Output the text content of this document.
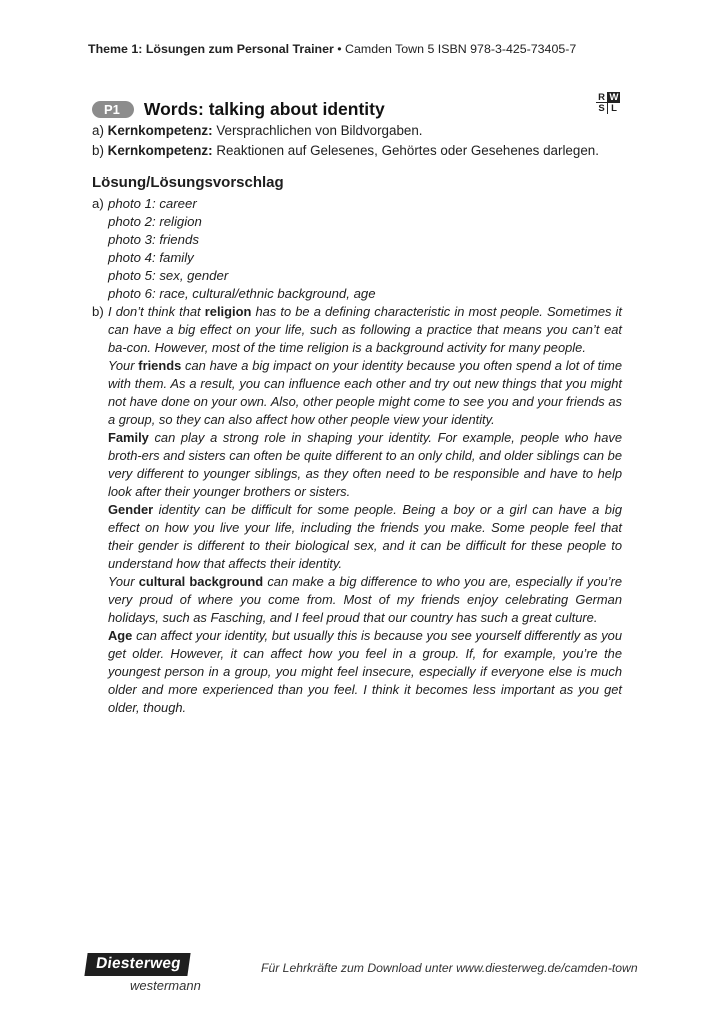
Theme 1: Lösungen zum Personal Trainer • Camden Town 5 ISBN 978-3-425-73405-7
R W
S L
P1	Words: talking about identity
a) Kernkompetenz: Versprachlichen von Bildvorgaben.
b) Kernkompetenz: Reaktionen auf Gelesenes, Gehörtes oder Gesehenes darlegen.
Lösung/Lösungsvorschlag
a) photo 1: career
photo 2: religion
photo 3: friends
photo 4: family
photo 5: sex, gender
photo 6: race, cultural/ethnic background, age
b) I don’t think that religion has to be a defining characteristic in most people. Sometimes it can have a big effect on your life, such as following a practice that means you can’t eat ba-con. However, most of the time religion is a background activity for many people.

Your friends can have a big impact on your identity because you often spend a lot of time with them. As a result, you can influence each other and try out new things that you might not have done on your own. Also, other people might come to see you and your friends as a group, so they can also affect how other people view your identity.

Family can play a strong role in shaping your identity. For example, people who have broth-ers and sisters can often be quite different to an only child, and older siblings can be very different to younger siblings, as they often need to be responsible and have to help look after their younger brothers or sisters.

Gender identity can be difficult for some people. Being a boy or a girl can have a big effect on how you live your life, including the friends you make. Some people feel that their gender is different to their biological sex, and it can be difficult for these people to understand how that affects their identity.

Your cultural background can make a big difference to who you are, especially if you’re very proud of where you come from. Most of my friends enjoy celebrating German holidays, such as Fasching, and I feel proud that our country has such a great culture.

Age can affect your identity, but usually this is because you see yourself differently as you get older. However, it can affect how you feel in a group. If, for example, you’re the youngest person in a group, you might feel insecure, especially if everyone else is much older and more experienced than you feel. I think it becomes less important as you get older, though.

Diesterweg
westermann
Für Lehrkräfte zum Download unter www.diesterweg.de/camden-town
